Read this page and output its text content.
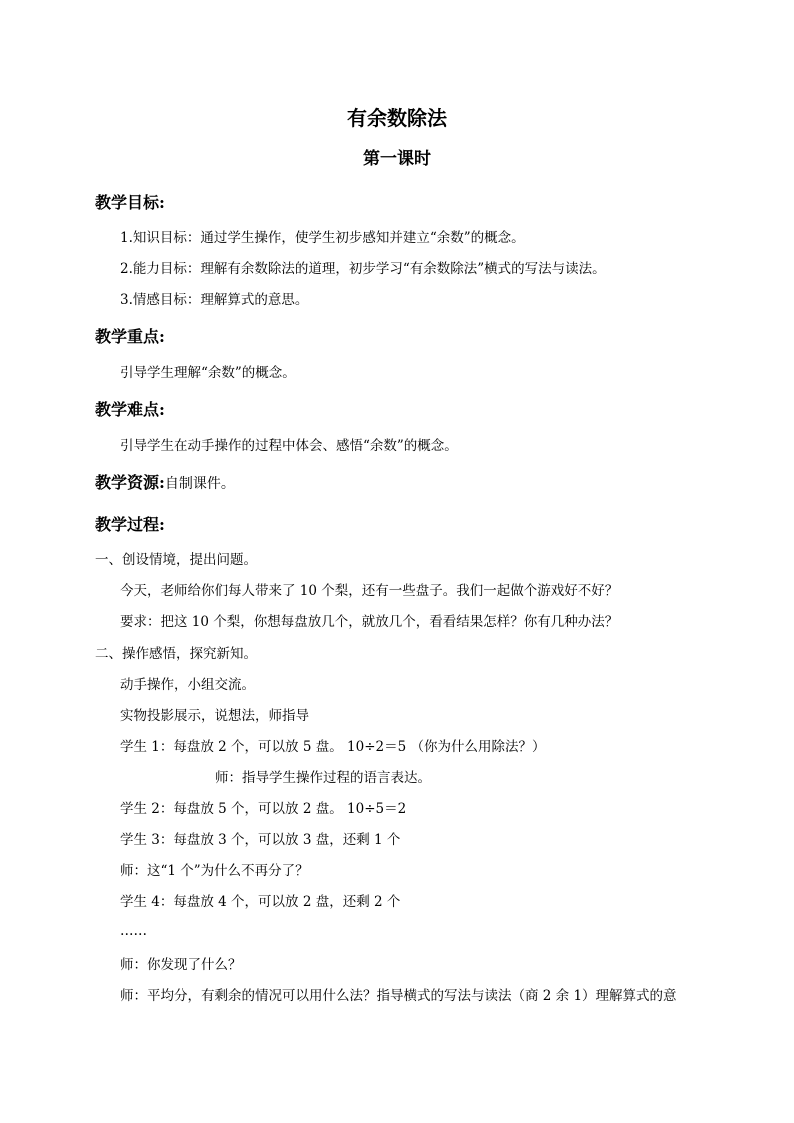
有余数除法
第一课时
教学目标:
1.知识目标：通过学生操作，使学生初步感知并建立“余数”的概念。
2.能力目标：理解有余数除法的道理，初步学习“有余数除法”横式的写法与读法。
3.情感目标：理解算式的意思。
教学重点:
引导学生理解“余数”的概念。
教学难点:
引导学生在动手操作的过程中体会、感悟“余数”的概念。
教学资源:自制课件。
教学过程:
一、创设情境，提出问题。
今天，老师给你们每人带来了 10 个梨，还有一些盘子。我们一起做个游戏好不好？
要求：把这 10 个梨，你想每盘放几个，就放几个，看看结果怎样？你有几种办法？
二、操作感悟，探究新知。
动手操作，小组交流。
实物投影展示，说想法，师指导
学生 1：每盘放 2 个，可以放 5 盘。 10÷2＝5 （你为什么用除法？）
师：指导学生操作过程的语言表达。
学生 2：每盘放 5 个，可以放 2 盘。 10÷5＝2
学生 3：每盘放 3 个，可以放 3 盘，还剩 1 个
师：这“1 个”为什么不再分了？
学生 4：每盘放 4 个，可以放 2 盘，还剩 2 个
……
师：你发现了什么？
师：平均分，有剩余的情况可以用什么法？指导横式的写法与读法（商 2 余 1）理解算式的意
